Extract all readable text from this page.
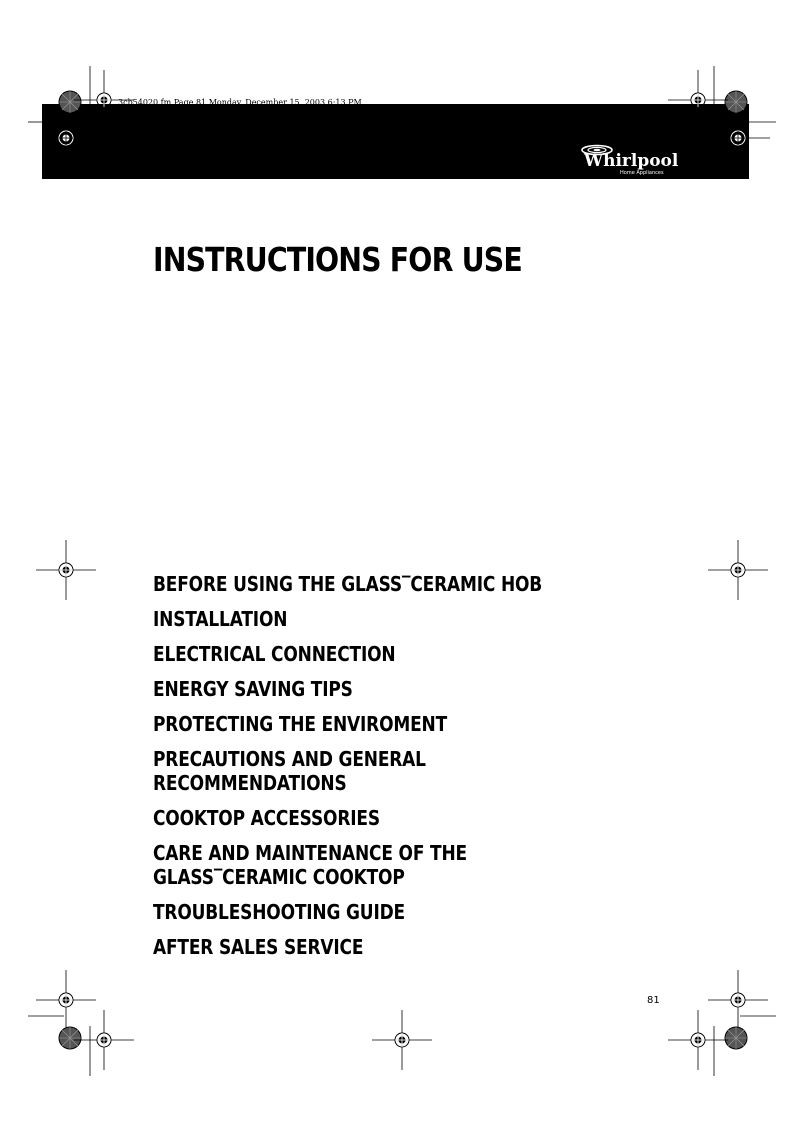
3cb54020.fm Page 81 Monday, December 15, 2003 6:13 PM
Whirlpool
Home Appliances
INSTRUCTIONS FOR USE
BEFORE USING THE GLASS‾CERAMIC HOB
INSTALLATION
ELECTRICAL CONNECTION
ENERGY SAVING TIPS
PROTECTING THE ENVIROMENT
PRECAUTIONS AND GENERAL
RECOMMENDATIONS
COOKTOP ACCESSORIES
CARE AND MAINTENANCE OF THE
GLASS‾CERAMIC COOKTOP
TROUBLESHOOTING GUIDE
AFTER SALES SERVICE
81
